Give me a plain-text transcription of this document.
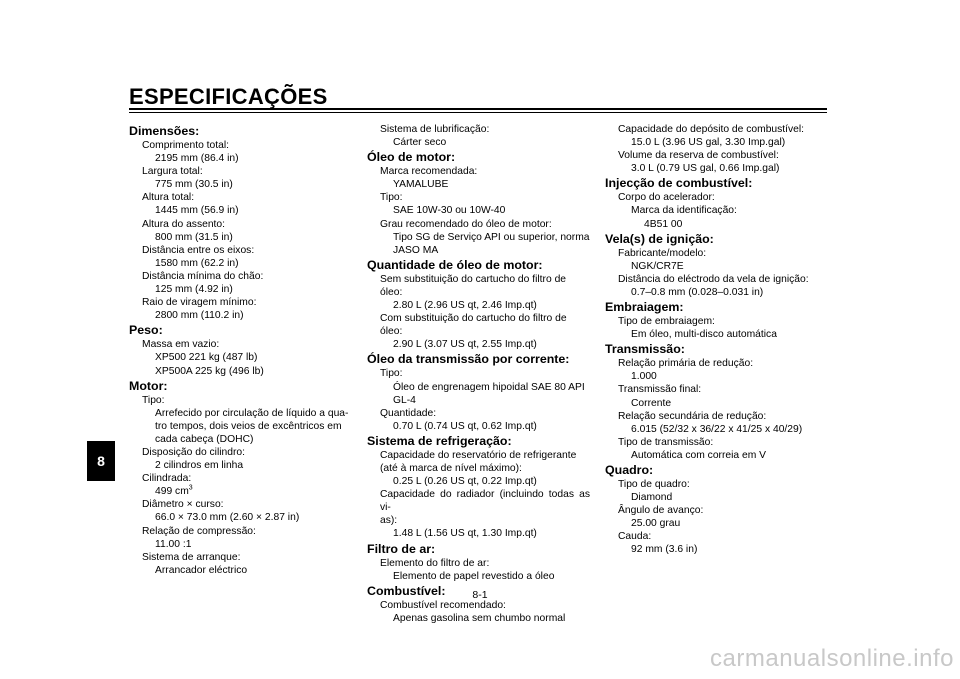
ESPECIFICAÇÕES
8
Dimensões:
Comprimento total:
2195 mm (86.4 in)
Largura total:
775 mm (30.5 in)
Altura total:
1445 mm (56.9 in)
Altura do assento:
800 mm (31.5 in)
Distância entre os eixos:
1580 mm (62.2 in)
Distância mínima do chão:
125 mm (4.92 in)
Raio de viragem mínimo:
2800 mm (110.2 in)
Peso:
Massa em vazio:
XP500 221 kg (487 lb)
XP500A 225 kg (496 lb)
Motor:
Tipo:
Arrefecido por circulação de líquido a qua-
tro tempos, dois veios de excêntricos em
cada cabeça (DOHC)
Disposição do cilindro:
2 cilindros em linha
Cilindrada:
499 $cm^3$
Diâmetro × curso:
66.0 × 73.0 mm (2.60 × 2.87 in)
Relação de compressão:
11.00 :1
Sistema de arranque:
Arrancador eléctrico
Sistema de lubrificação:
Cárter seco
Óleo de motor:
Marca recomendada:
YAMALUBE
Tipo:
SAE 10W-30 ou 10W-40
Grau recomendado do óleo de motor:
Tipo SG de Serviço API ou superior, norma
JASO MA
Quantidade de óleo de motor:
Sem substituição do cartucho do filtro de óleo:
2.80 L (2.96 US qt, 2.46 Imp.qt)
Com substituição do cartucho do filtro de óleo:
2.90 L (3.07 US qt, 2.55 Imp.qt)
Óleo da transmissão por corrente:
Tipo:
Óleo de engrenagem hipoidal SAE 80 API
GL-4
Quantidade:
0.70 L (0.74 US qt, 0.62 Imp.qt)
Sistema de refrigeração:
Capacidade do reservatório de refrigerante
(até à marca de nível máximo):
0.25 L (0.26 US qt, 0.22 Imp.qt)
Capacidade do radiador (incluindo todas as vi-
as):
1.48 L (1.56 US qt, 1.30 Imp.qt)
Filtro de ar:
Elemento do filtro de ar:
Elemento de papel revestido a óleo
Combustível:
Combustível recomendado:
Apenas gasolina sem chumbo normal
Capacidade do depósito de combustível:
15.0 L (3.96 US gal, 3.30 Imp.gal)
Volume da reserva de combustível:
3.0 L (0.79 US gal, 0.66 Imp.gal)
Injecção de combustível:
Corpo do acelerador:
Marca da identificação:
4B51 00
Vela(s) de ignição:
Fabricante/modelo:
NGK/CR7E
Distância do eléctrodo da vela de ignição:
0.7–0.8 mm (0.028–0.031 in)
Embraiagem:
Tipo de embraiagem:
Em óleo, multi-disco automática
Transmissão:
Relação primária de redução:
1.000
Transmissão final:
Corrente
Relação secundária de redução:
6.015 (52/32 x 36/22 x 41/25 x 40/29)
Tipo de transmissão:
Automática com correia em V
Quadro:
Tipo de quadro:
Diamond
Ângulo de avanço:
25.00 grau
Cauda:
92 mm (3.6 in)
8-1
carmanualsonline.info
